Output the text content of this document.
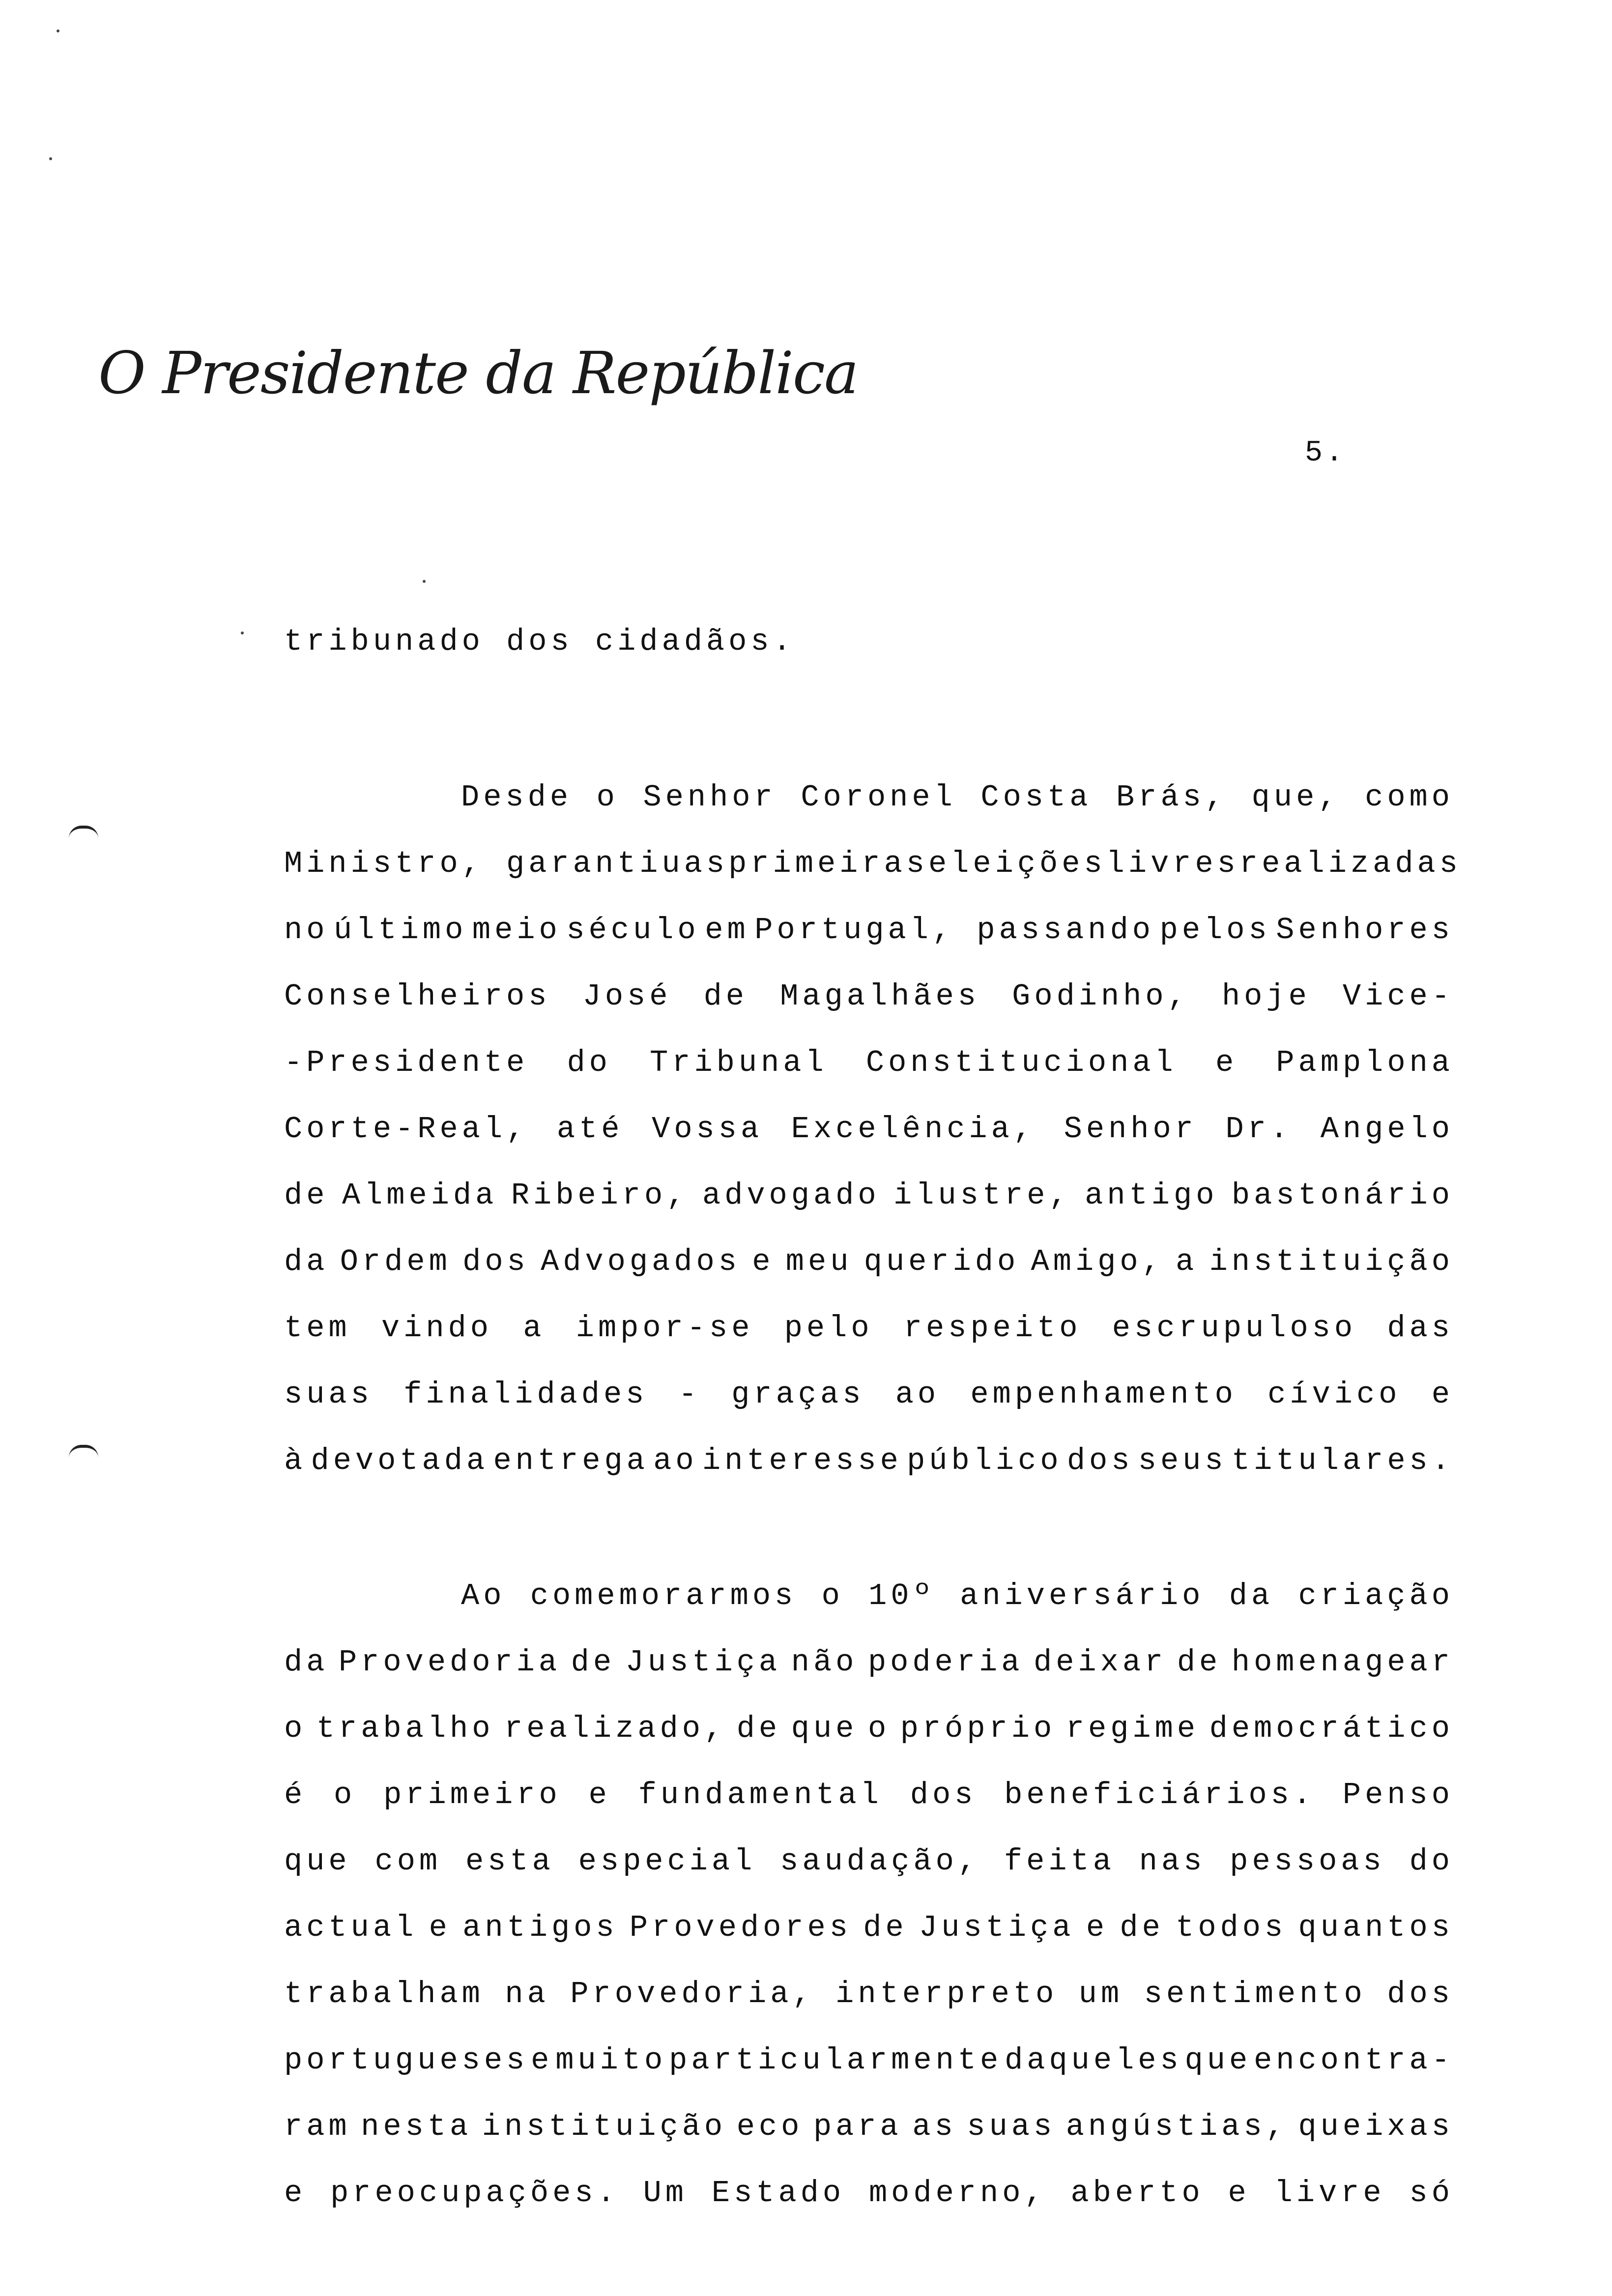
O Presidente da República
5.
tribunado dos cidadãos.
Desde o Senhor Coronel Costa Brás, que, como
Ministro, garantiu as primeiras eleições livres realizadas
no último meio século em Portugal, passando pelos Senhores
Conselheiros José de Magalhães Godinho, hoje Vice-
-Presidente do Tribunal Constitucional e Pamplona
Corte-Real, até Vossa Excelência, Senhor Dr. Angelo
de Almeida Ribeiro, advogado ilustre, antigo bastonário
da Ordem dos Advogados e meu querido Amigo, a instituição
tem vindo a impor-se pelo respeito escrupuloso das
suas finalidades - graças ao empenhamento cívico e
à devotada entrega ao interesse público dos seus titulares.
Ao comemorarmos o 10º aniversário da criação
da Provedoria de Justiça não poderia deixar de homenagear
o trabalho realizado, de que o próprio regime democrático
é o primeiro e fundamental dos beneficiários. Penso
que com esta especial saudação, feita nas pessoas do
actual e antigos Provedores de Justiça e de todos quantos
trabalham na Provedoria, interpreto um sentimento dos
portugueses e muito particularmente daqueles que encontra-
ram nesta instituição eco para as suas angústias, queixas
e preocupações. Um Estado moderno, aberto e livre só
